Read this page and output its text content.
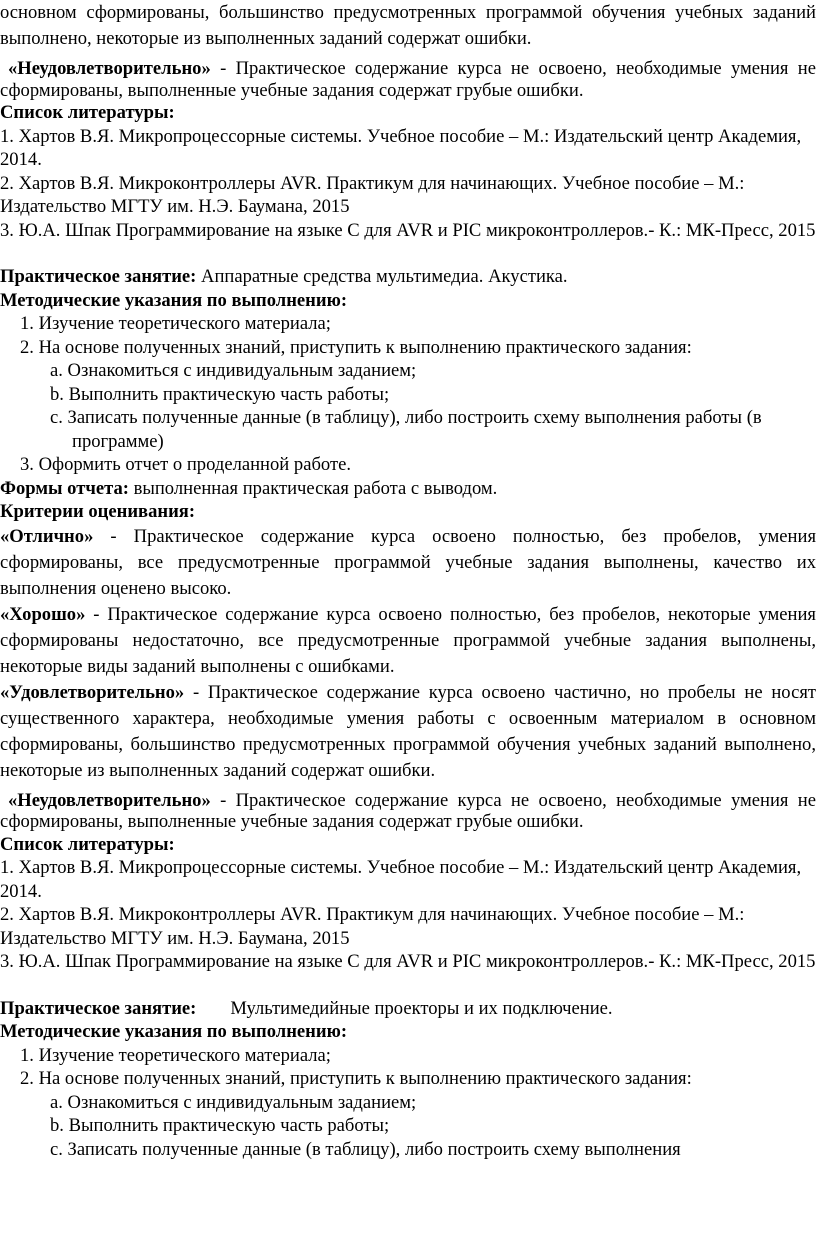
основном сформированы, большинство предусмотренных программой обучения учебных заданий выполнено, некоторые из выполненных заданий содержат ошибки.

«Неудовлетворительно» - Практическое содержание курса не освоено, необходимые умения не сформированы, выполненные учебные задания содержат грубые ошибки.

Список литературы:

1. Хартов В.Я. Микропроцессорные системы. Учебное пособие – М.: Издательский центр Академия, 2014.

2. Хартов В.Я. Микроконтроллеры AVR. Практикум для начинающих. Учебное пособие – М.: Издательство МГТУ им. Н.Э. Баумана, 2015

3. Ю.А. Шпак Программирование на языке С для AVR и PIC микроконтроллеров.- К.: МК-Пресс, 2015

Практическое занятие: Аппаратные средства мультимедиа. Акустика.

Методические указания по выполнению:

1. Изучение теоретического материала;

2. На основе полученных знаний, приступить к выполнению практического задания:

a. Ознакомиться с индивидуальным заданием;

b. Выполнить практическую часть работы;

c. Записать полученные данные (в таблицу), либо построить схему выполнения работы (в программе)

3. Оформить отчет о проделанной работе.

Формы отчета: выполненная практическая работа с выводом.

Критерии оценивания:

«Отлично» - Практическое содержание курса освоено полностью, без пробелов, умения сформированы, все предусмотренные программой учебные задания выполнены, качество их выполнения оценено высоко.

«Хорошо» - Практическое содержание курса освоено полностью, без пробелов, некоторые умения сформированы недостаточно, все предусмотренные программой учебные задания выполнены, некоторые виды заданий выполнены с ошибками.

«Удовлетворительно» - Практическое содержание курса освоено частично, но пробелы не носят существенного характера, необходимые умения работы с освоенным материалом в основном сформированы, большинство предусмотренных программой обучения учебных заданий выполнено, некоторые из выполненных заданий содержат ошибки.

«Неудовлетворительно» - Практическое содержание курса не освоено, необходимые умения не сформированы, выполненные учебные задания содержат грубые ошибки.

Список литературы:

1. Хартов В.Я. Микропроцессорные системы. Учебное пособие – М.: Издательский центр Академия, 2014.

2. Хартов В.Я. Микроконтроллеры AVR. Практикум для начинающих. Учебное пособие – М.: Издательство МГТУ им. Н.Э. Баумана, 2015

3. Ю.А. Шпак Программирование на языке С для AVR и PIC микроконтроллеров.- К.: МК-Пресс, 2015

Практическое занятие: Мультимедийные проекторы и их подключение.

Методические указания по выполнению:

1. Изучение теоретического материала;

2. На основе полученных знаний, приступить к выполнению практического задания:

a. Ознакомиться с индивидуальным заданием;

b. Выполнить практическую часть работы;

c. Записать полученные данные (в таблицу), либо построить схему выполнения
